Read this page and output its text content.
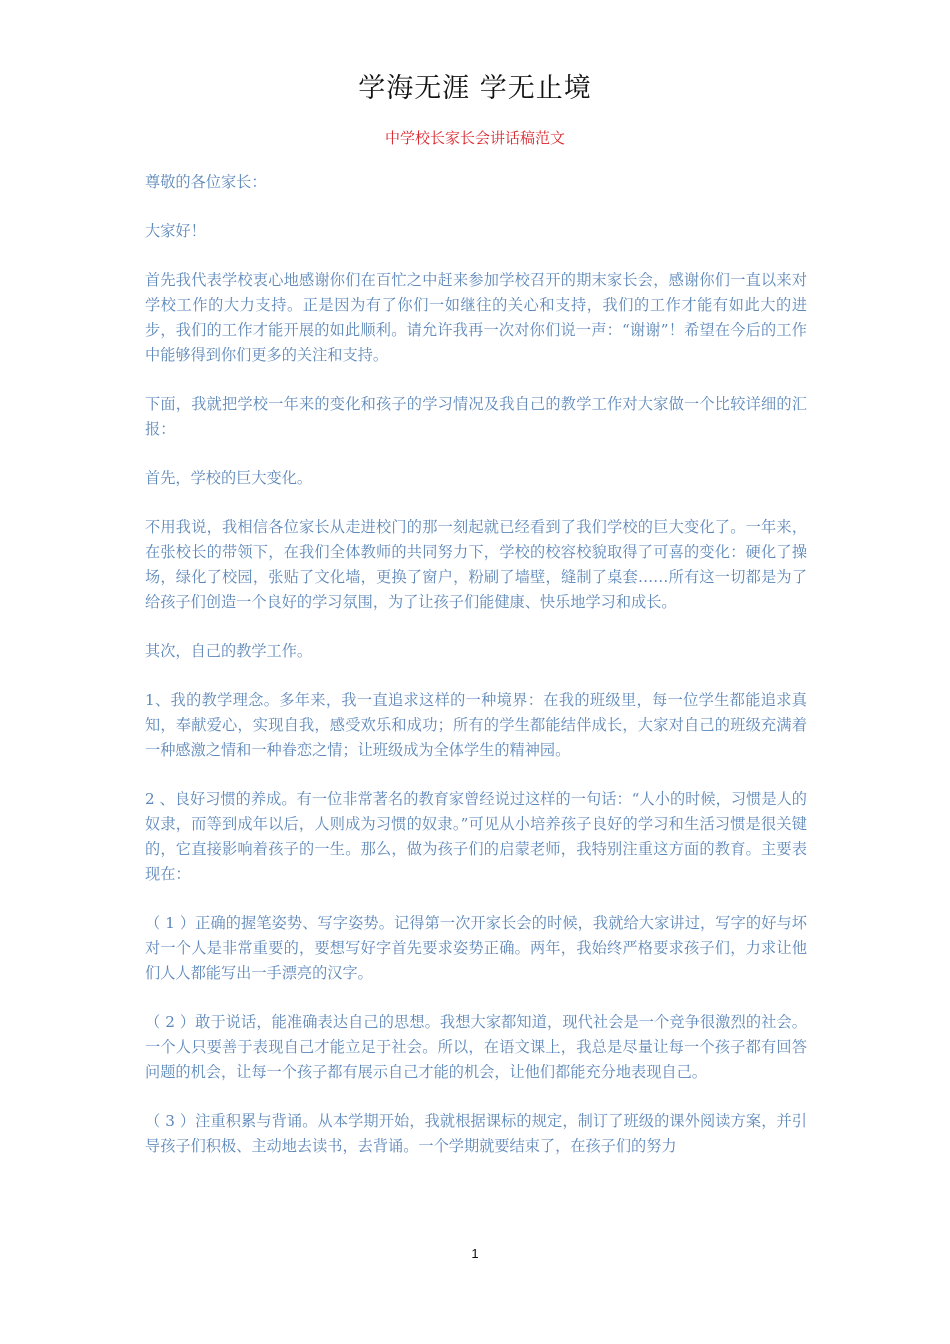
学海无涯 学无止境
中学校长家长会讲话稿范文

尊敬的各位家长：

大家好！

首先我代表学校衷心地感谢你们在百忙之中赶来参加学校召开的期末家长会，感谢你们一直以来对学校工作的大力支持。正是因为有了你们一如继往的关心和支持，我们的工作才能有如此大的进步，我们的工作才能开展的如此顺利。请允许我再一次对你们说一声：“谢谢”！希望在今后的工作中能够得到你们更多的关注和支持。

下面，我就把学校一年来的变化和孩子的学习情况及我自己的教学工作对大家做一个比较详细的汇报：

首先，学校的巨大变化。

不用我说，我相信各位家长从走进校门的那一刻起就已经看到了我们学校的巨大变化了。一年来，在张校长的带领下，在我们全体教师的共同努力下，学校的校容校貌取得了可喜的变化：硬化了操场，绿化了校园，张贴了文化墙，更换了窗户，粉刷了墙壁，缝制了桌套……所有这一切都是为了给孩子们创造一个良好的学习氛围，为了让孩子们能健康、快乐地学习和成长。

其次，自己的教学工作。

1、我的教学理念。多年来，我一直追求这样的一种境界：在我的班级里，每一位学生都能追求真知，奉献爱心，实现自我，感受欢乐和成功；所有的学生都能结伴成长，大家对自己的班级充满着一种感激之情和一种眷恋之情；让班级成为全体学生的精神园。

2 、良好习惯的养成。有一位非常著名的教育家曾经说过这样的一句话：“人小的时候，习惯是人的奴隶，而等到成年以后，人则成为习惯的奴隶。”可见从小培养孩子良好的学习和生活习惯是很关键的，它直接影响着孩子的一生。那么，做为孩子们的启蒙老师，我特别注重这方面的教育。主要表现在：

（ 1 ）正确的握笔姿势、写字姿势。记得第一次开家长会的时候，我就给大家讲过，写字的好与坏对一个人是非常重要的，要想写好字首先要求姿势正确。两年，我始终严格要求孩子们，力求让他们人人都能写出一手漂亮的汉字。

（ 2 ）敢于说话，能准确表达自己的思想。我想大家都知道，现代社会是一个竞争很激烈的社会。一个人只要善于表现自己才能立足于社会。所以，在语文课上，我总是尽量让每一个孩子都有回答问题的机会，让每一个孩子都有展示自己才能的机会，让他们都能充分地表现自己。

（ 3 ）注重积累与背诵。从本学期开始，我就根据课标的规定，制订了班级的课外阅读方案，并引导孩子们积极、主动地去读书，去背诵。一个学期就要结束了，在孩子们的努力

1
